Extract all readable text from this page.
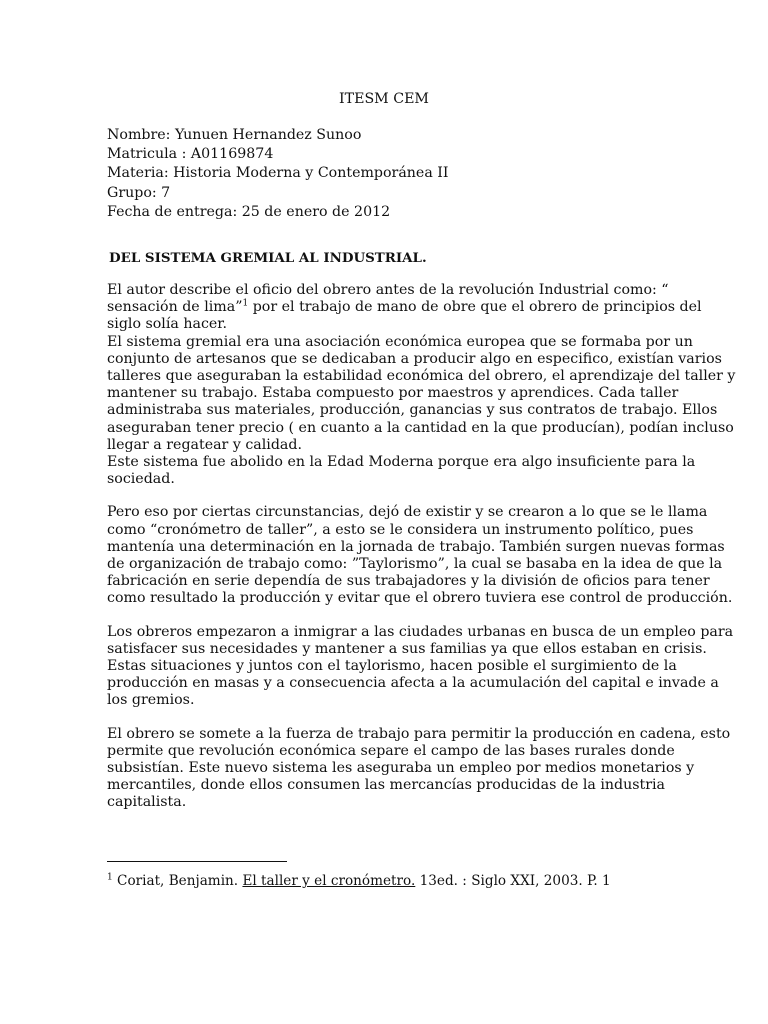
ITESM CEM
Nombre: Yunuen Hernandez Sunoo
Matricula : A01169874
Materia: Historia Moderna y Contemporánea II
Grupo: 7
Fecha de entrega: 25 de enero de 2012
DEL SISTEMA GREMIAL AL INDUSTRIAL.
El autor describe el oficio del obrero antes de la revolución Industrial como: “
sensación de lima”$^1$ por el trabajo de mano de obre que el obrero de principios del
siglo solía hacer.
El sistema gremial era una asociación económica europea que se formaba por un
conjunto de artesanos que se dedicaban a producir algo en especifico, existían varios
talleres que aseguraban la estabilidad económica del obrero, el aprendizaje del taller y
mantener su trabajo. Estaba compuesto por maestros y aprendices. Cada taller
administraba sus materiales, producción, ganancias y sus contratos de trabajo. Ellos
aseguraban tener precio ( en cuanto a la cantidad en la que producían), podían incluso
llegar a regatear y calidad.
Este sistema fue abolido en la Edad Moderna porque era algo insuficiente para la
sociedad.
Pero eso por ciertas circunstancias, dejó de existir y se crearon a lo que se le llama
como “cronómetro de taller”, a esto se le considera un instrumento político, pues
mantenía una determinación en la jornada de trabajo. También surgen nuevas formas
de organización de trabajo como: ”Taylorismo”, la cual se basaba en la idea de que la
fabricación en serie dependía de sus trabajadores y la división de oficios para tener
como resultado la producción y evitar que el obrero tuviera ese control de producción.
Los obreros empezaron a inmigrar a las ciudades urbanas en busca de un empleo para
satisfacer sus necesidades y mantener a sus familias ya que ellos estaban en crisis.
Estas situaciones y juntos con el taylorismo, hacen posible el surgimiento de la
producción en masas y a consecuencia afecta a la acumulación del capital e invade a
los gremios.
El obrero se somete a la fuerza de trabajo para permitir la producción en cadena, esto
permite que revolución económica separe el campo de las bases rurales donde
subsistían. Este nuevo sistema les aseguraba un empleo por medios monetarios y
mercantiles, donde ellos consumen las mercancías producidas de la industria
capitalista.
$^1$ Coriat, Benjamin. El taller y el cronómetro. 13ed. : Siglo XXI, 2003. P. 1
